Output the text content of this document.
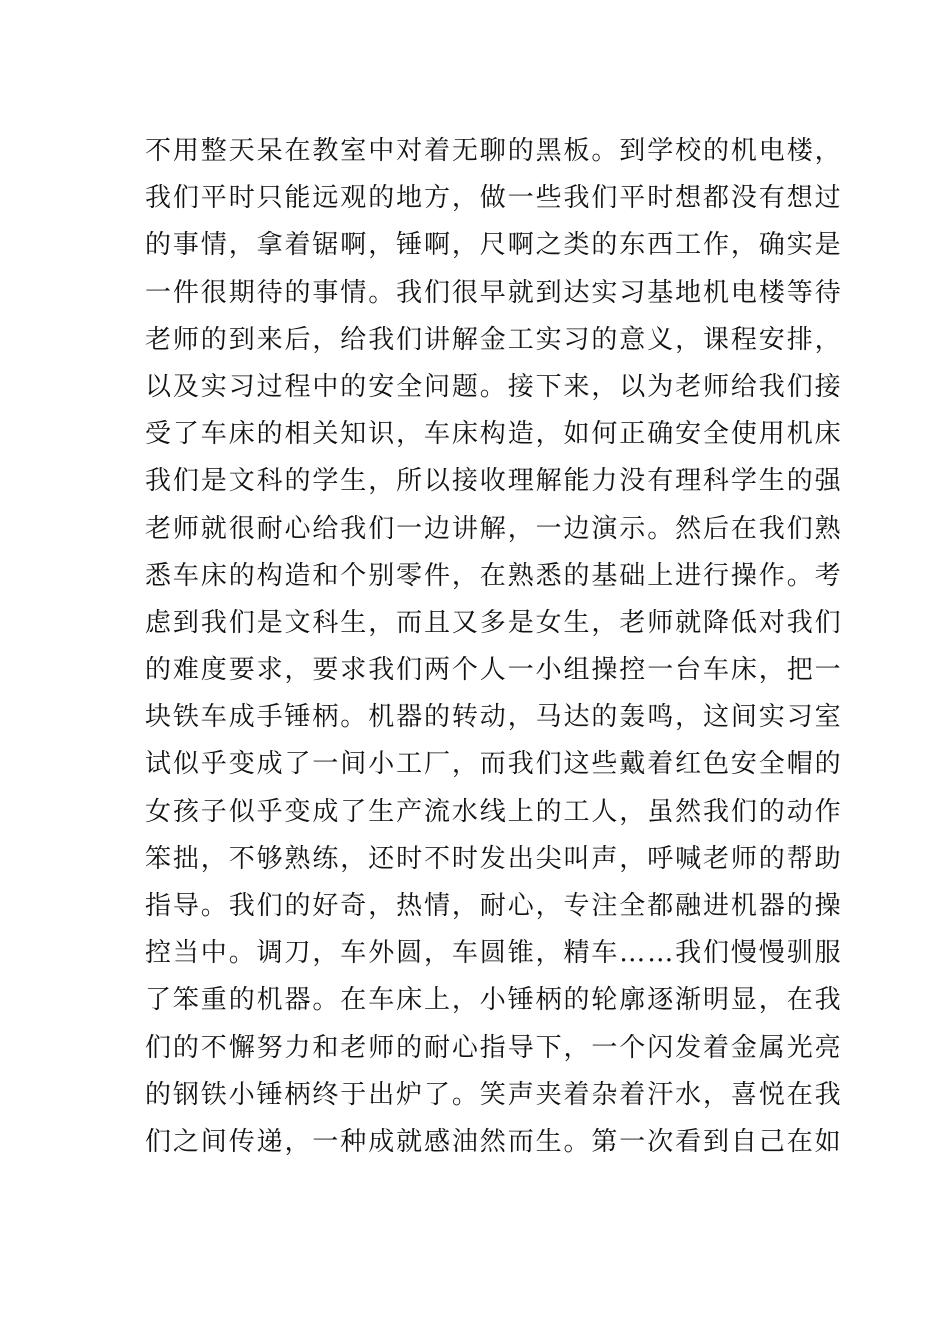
不用整天呆在教室中对着无聊的黑板。到学校的机电楼，
我们平时只能远观的地方，做一些我们平时想都没有想过
的事情，拿着锯啊，锤啊，尺啊之类的东西工作，确实是
一件很期待的事情。我们很早就到达实习基地机电楼等待
老师的到来后，给我们讲解金工实习的意义，课程安排，
以及实习过程中的安全问题。接下来，以为老师给我们接
受了车床的相关知识，车床构造，如何正确安全使用机床
我们是文科的学生，所以接收理解能力没有理科学生的强
老师就很耐心给我们一边讲解，一边演示。然后在我们熟
悉车床的构造和个别零件，在熟悉的基础上进行操作。考
虑到我们是文科生，而且又多是女生，老师就降低对我们
的难度要求，要求我们两个人一小组操控一台车床，把一
块铁车成手锤柄。机器的转动，马达的轰鸣，这间实习室
试似乎变成了一间小工厂，而我们这些戴着红色安全帽的
女孩子似乎变成了生产流水线上的工人，虽然我们的动作
笨拙，不够熟练，还时不时发出尖叫声，呼喊老师的帮助
指导。我们的好奇，热情，耐心，专注全都融进机器的操
控当中。调刀，车外圆，车圆锥，精车……我们慢慢驯服
了笨重的机器。在车床上，小锤柄的轮廓逐渐明显，在我
们的不懈努力和老师的耐心指导下，一个闪发着金属光亮
的钢铁小锤柄终于出炉了。笑声夹着杂着汗水，喜悦在我
们之间传递，一种成就感油然而生。第一次看到自己在如
